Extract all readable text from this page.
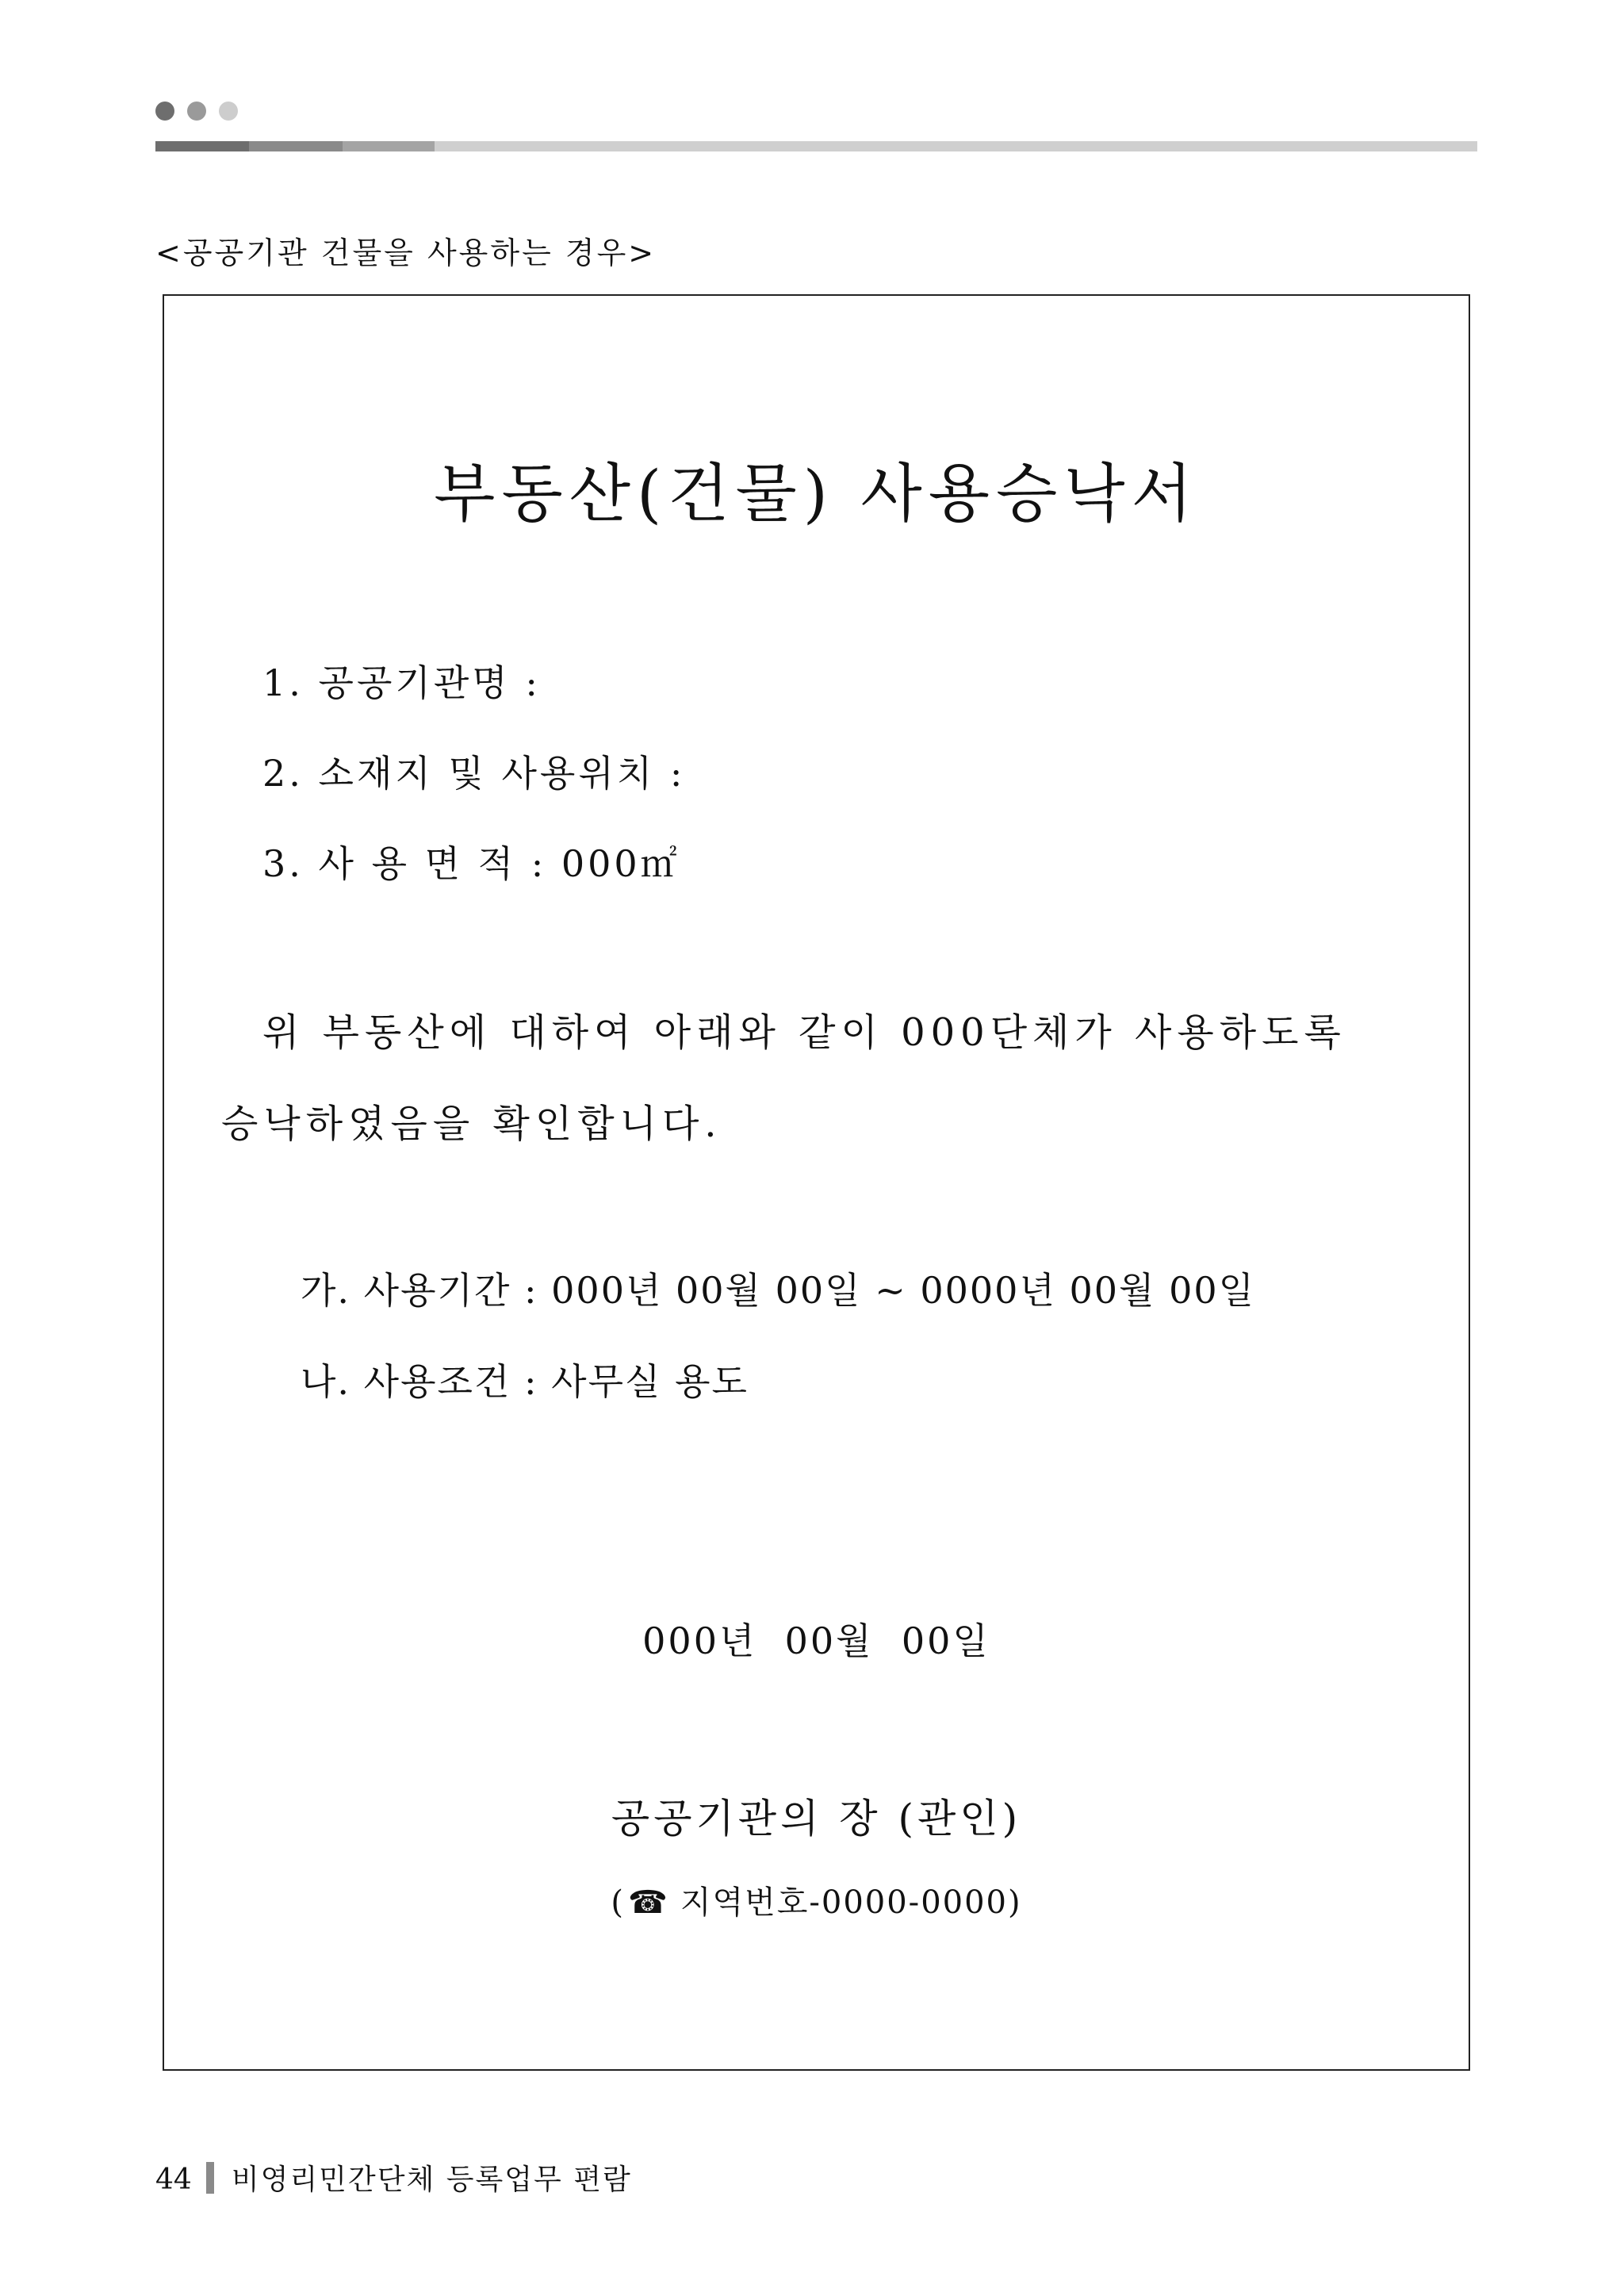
<공공기관 건물을 사용하는 경우>
부동산(건물) 사용승낙서
1. 공공기관명 :
2. 소재지 및 사용위치 :
3. 사 용 면 적 : 000㎡
위 부동산에 대하여 아래와 같이 000단체가 사용하도록
승낙하였음을 확인합니다.
가. 사용기간 : 000년 00월 00일 ~ 0000년 00월 00일
나. 사용조건 : 사무실 용도
000년  00월  00일
공공기관의 장 (관인)
( ☎ 지역번호-0000-0000)
44 비영리민간단체 등록업무 편람
